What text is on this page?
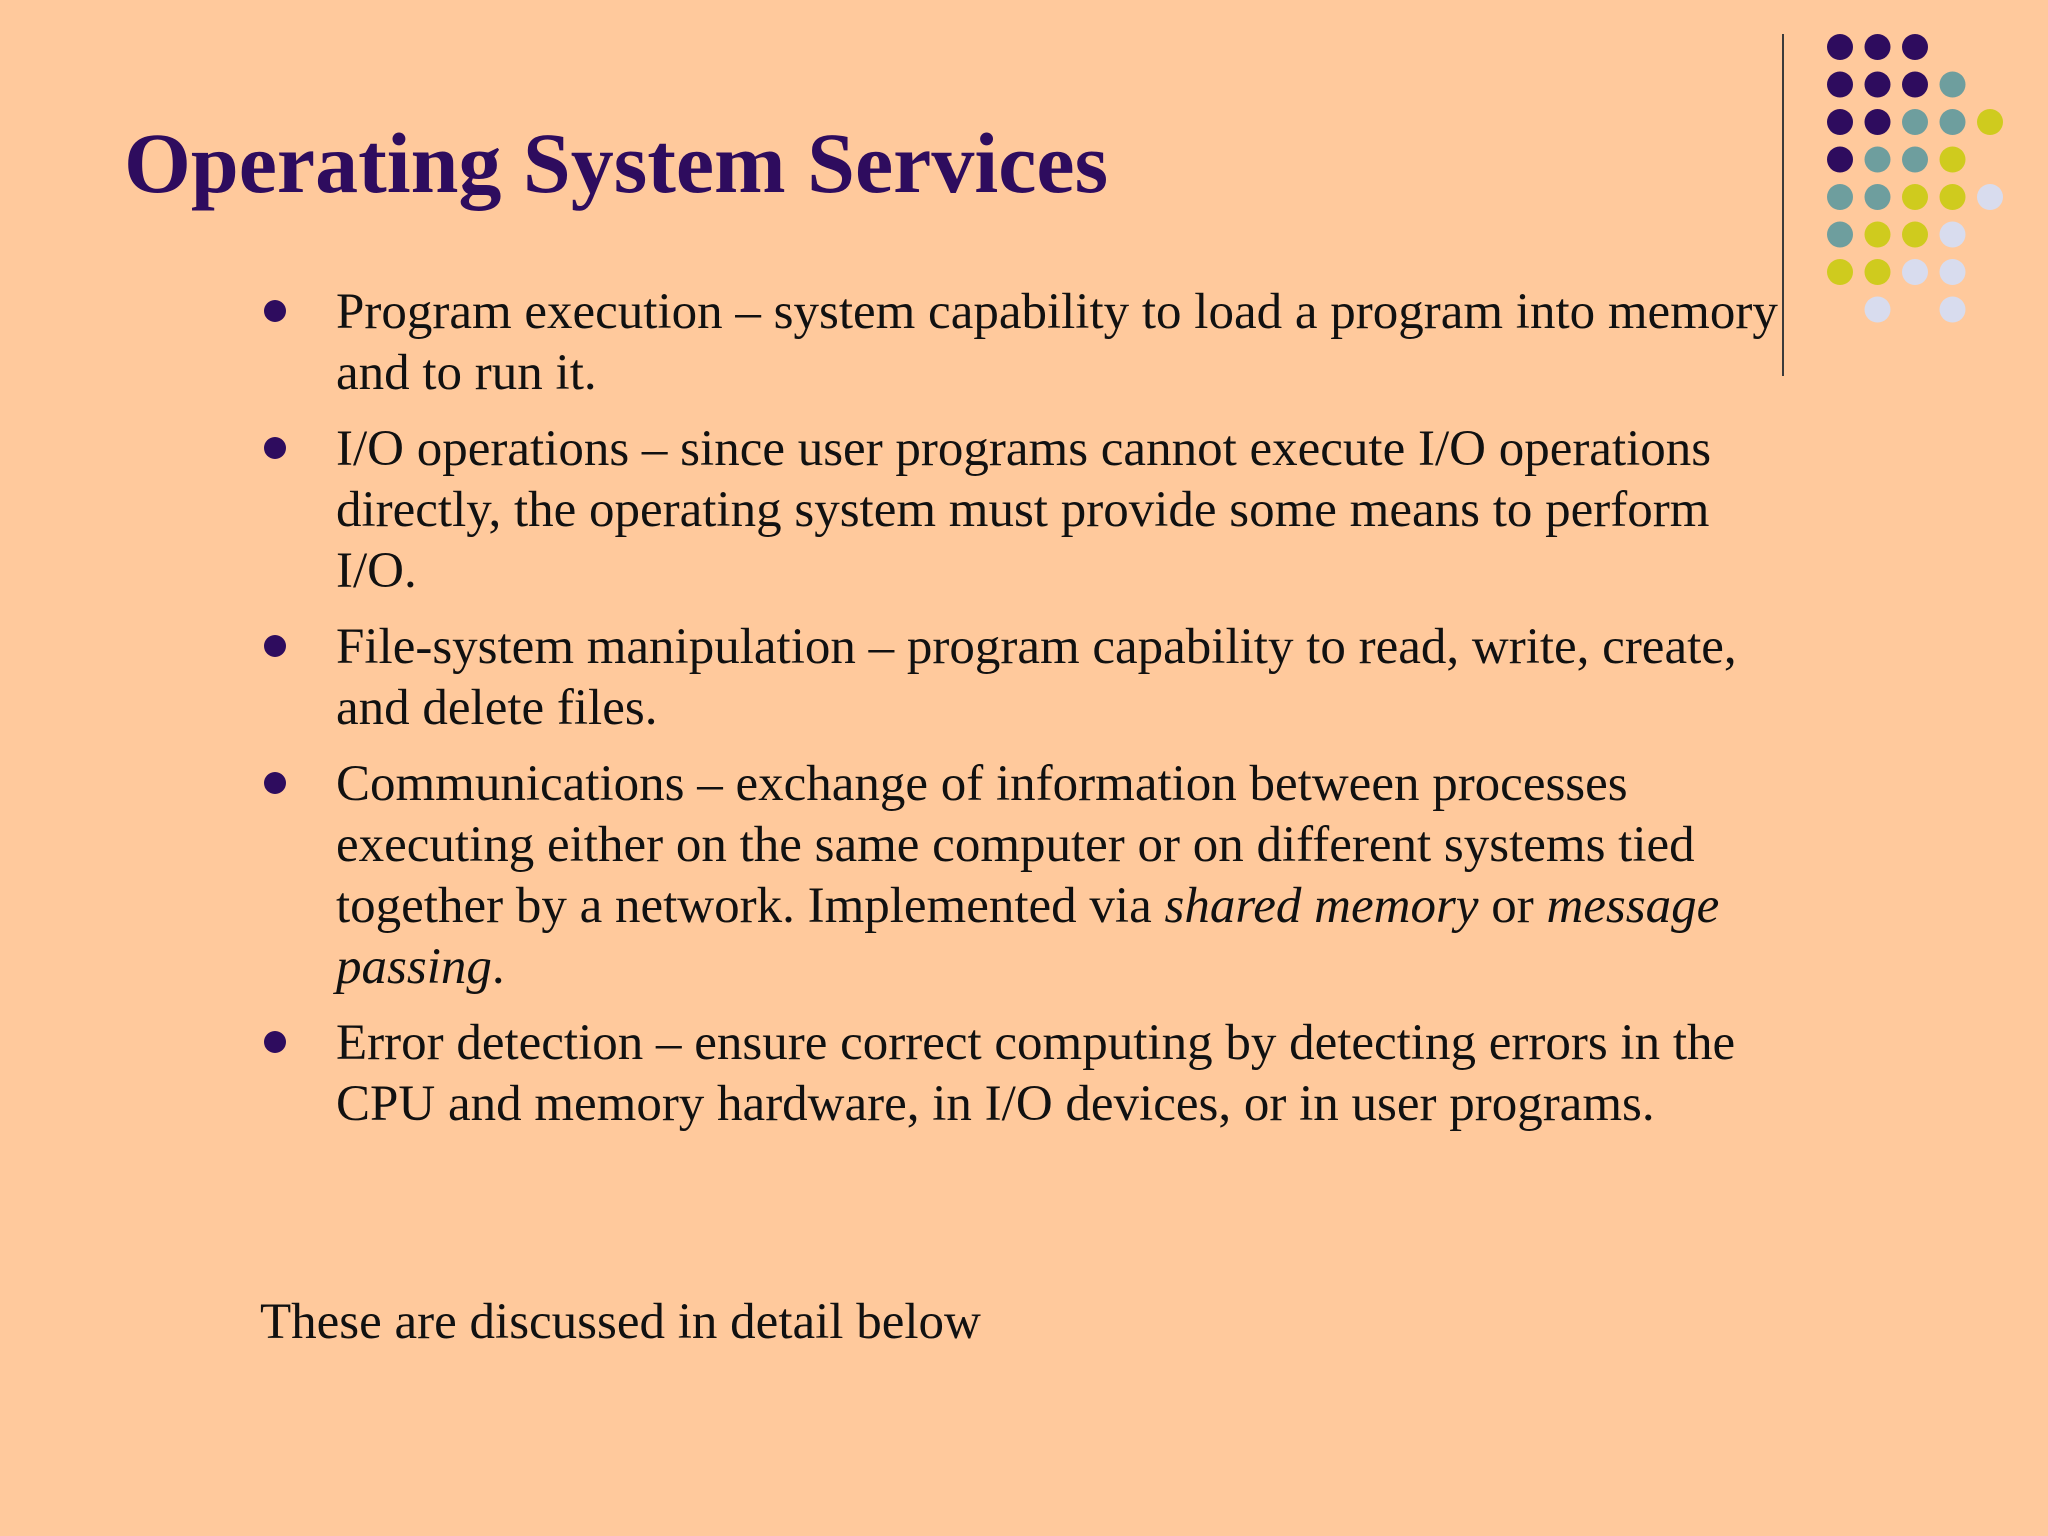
Operating System Services
Program execution – system capability to load a program into memory and to run it.
I/O operations – since user programs cannot execute I/O operations directly, the operating system must provide some means to perform I/O.
File-system manipulation – program capability to read, write, create, and delete files.
Communications – exchange of information between processes executing either on the same computer or on different systems tied together by a network. Implemented via shared memory or message passing.
Error detection – ensure correct computing by detecting errors in the CPU and memory hardware, in I/O devices, or in user programs.

These are discussed in detail below
